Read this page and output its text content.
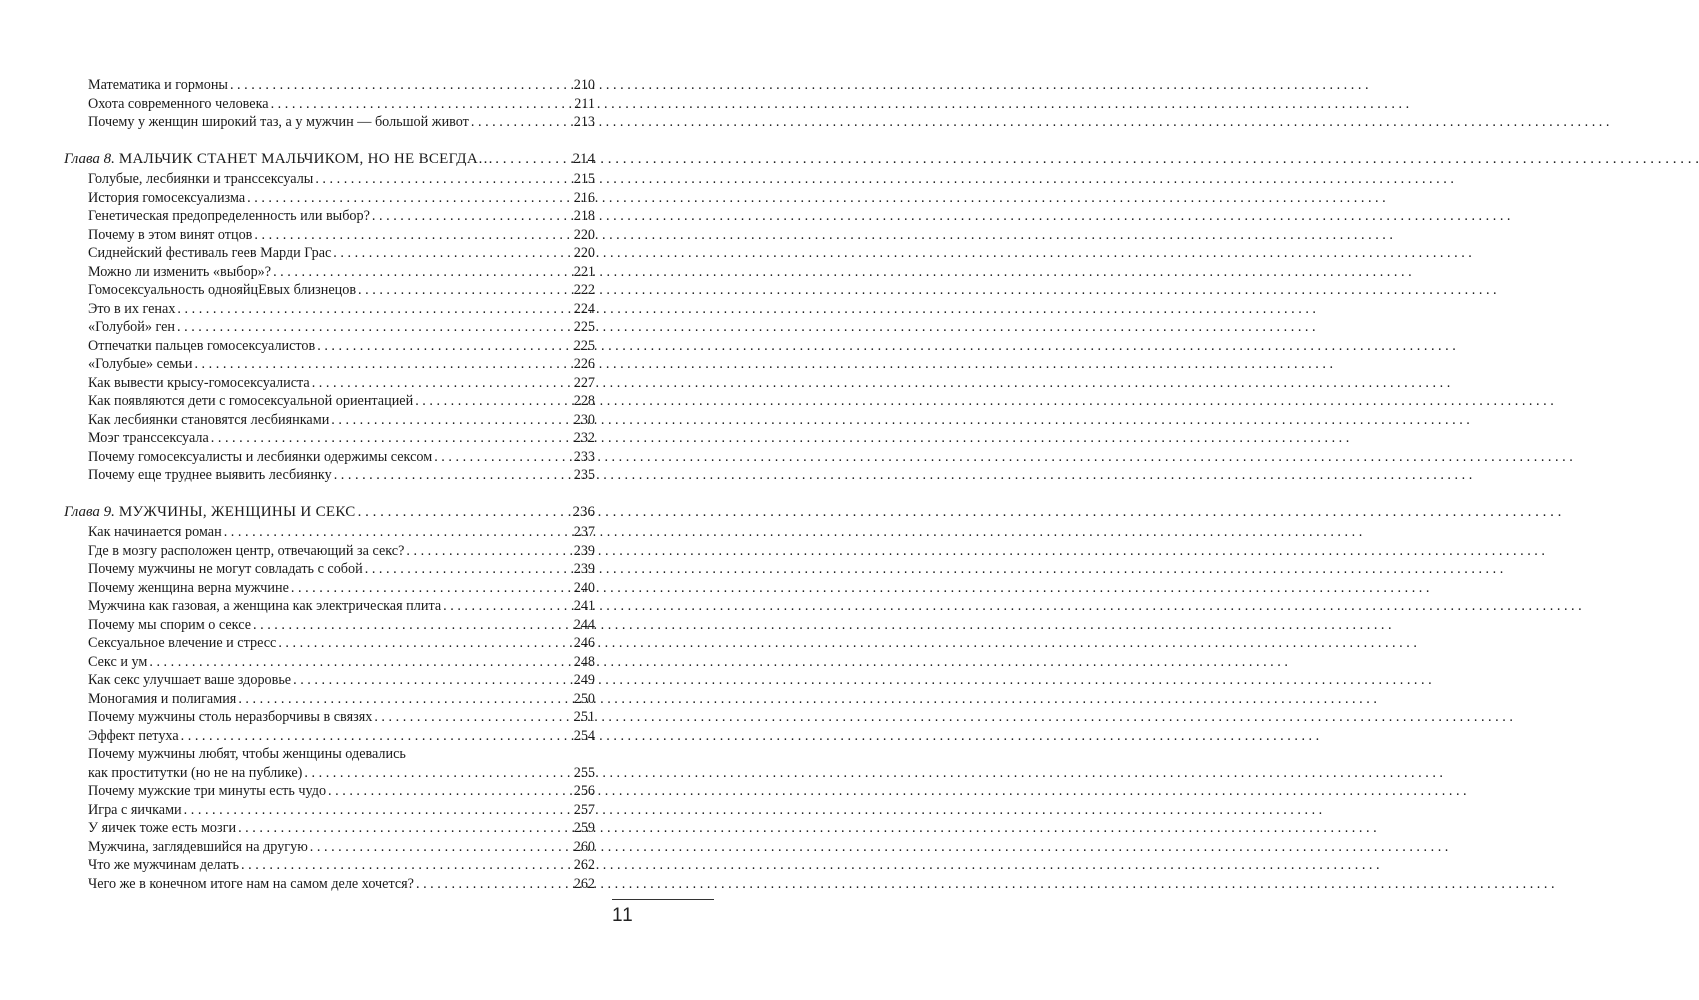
Математика и гормоны . . .	210
Охота современного человека . . .	211
Почему у женщин широкий таз, а у мужчин — большой живот . . .	213
Глава 8. МАЛЬЧИК СТАНЕТ МАЛЬЧИКОМ, НО НЕ ВСЕГДА… . . .	214
Голубые, лесбиянки и транссексуалы . . .	215
История гомосексуализма . . .	216
Генетическая предопределенность или выбор? . . .	218
Почему в этом винят отцов . . .	220
Сиднейский фестиваль геев Марди Грас . . .	220
Можно ли изменить «выбор»? . . .	221
Гомосексуальность однояйцЕвых близнецов . . .	222
Это в их генах . . .	224
«Голубой» ген . . .	225
Отпечатки пальцев гомосексуалистов . . .	225
«Голубые» семьи . . .	226
Как вывести крысу-гомосексуалиста . . .	227
Как появляются дети с гомосексуальной ориентацией . . .	228
Как лесбиянки становятся лесбиянками . . .	230
Моэг транссексуала . . .	232
Почему гомосексуалисты и лесбиянки одержимы сексом . . .	233
Почему еще труднее выявить лесбиянку . . .	235
Глава 9. МУЖЧИНЫ, ЖЕНЩИНЫ И СЕКС . . .	236
Как начинается роман . . .	237
Где в мозгу расположен центр, отвечающий за секс? . . .	239
Почему мужчины не могут совладать с собой . . .	239
Почему женщина верна мужчине . . .	240
Мужчина как газовая, а женщина как электрическая плита . . .	241
Почему мы спорим о сексе . . .	244
Сексуальное влечение и стресс . . .	246
Секс и ум . . .	248
Как секс улучшает ваше здоровье . . .	249
Моногамия и полигамия . . .	250
Почему мужчины столь неразборчивы в связях . . .	251
Эффект петуха . . .	254
Почему мужчины любят, чтобы женщины одевались
как проститутки (но не на публике) . . .	255
Почему мужские три минуты есть чудо . . .	256
Игра с яичками . . .	257
У яичек тоже есть мозги . . .	259
Мужчина, заглядевшийся на другую . . .	260
Что же мужчинам делать . . .	262
Чего же в конечном итоге нам на самом деле хочется? . . .	262
11
